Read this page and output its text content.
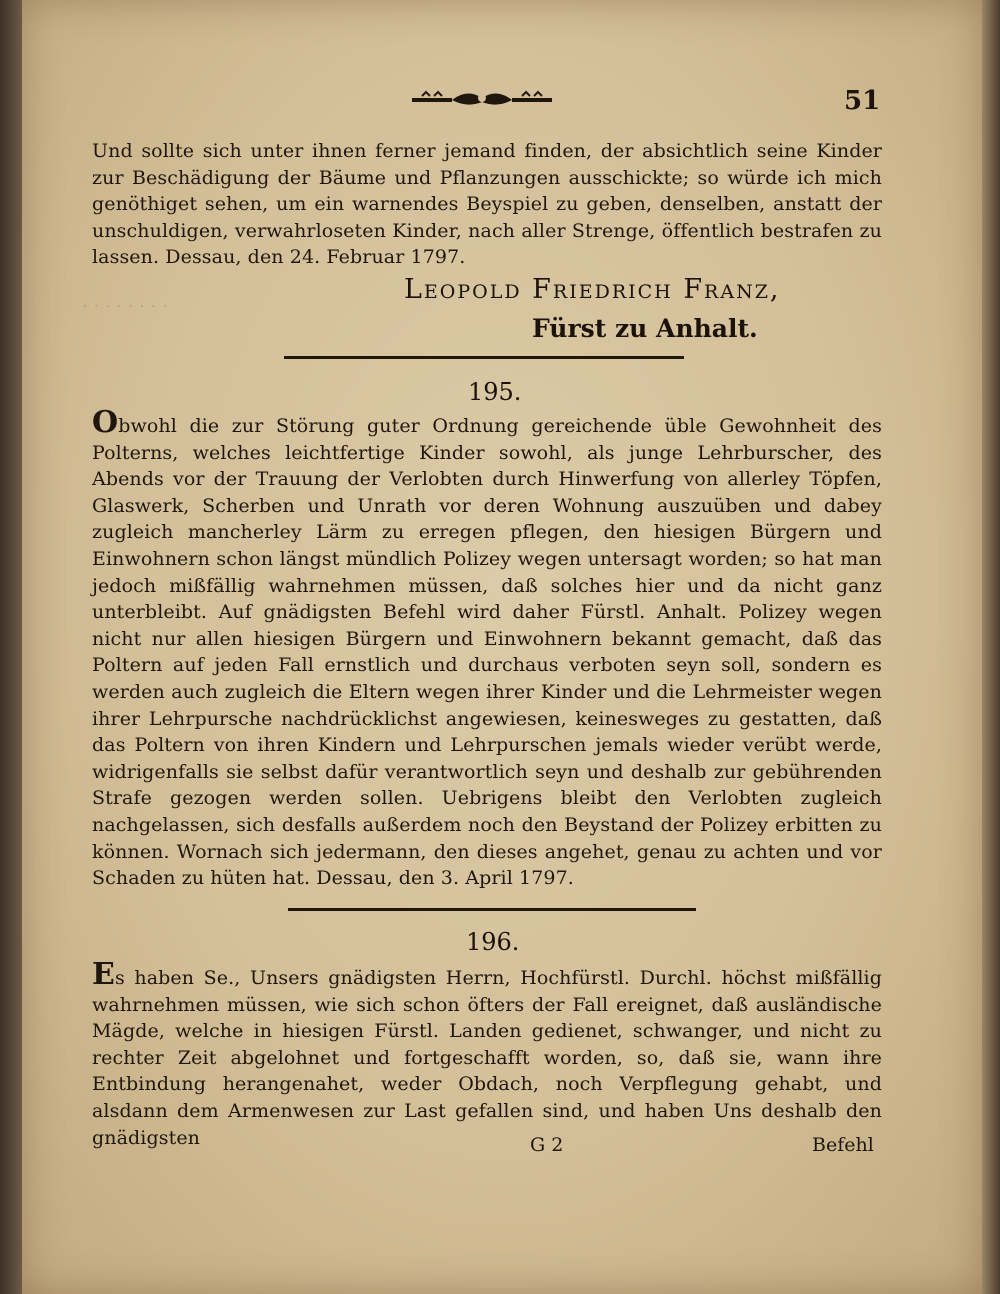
· · · · · · · ·
51
Und sollte sich unter ihnen ferner jemand finden, der absichtlich seine Kinder zur Beschädigung der Bäume und Pflanzungen ausschickte; so würde ich mich genöthiget sehen, um ein warnendes Beyspiel zu geben, denselben, anstatt der unschuldigen, verwahrloseten Kinder, nach aller Strenge, öffentlich bestrafen zu lassen. Dessau, den 24. Februar 1797.
Leopold Friedrich Franz,
Fürst zu Anhalt.
195.
Obwohl die zur Störung guter Ordnung gereichende üble Gewohnheit des Polterns, welches leichtfertige Kinder sowohl, als junge Lehrburscher, des Abends vor der Trauung der Verlobten durch Hinwerfung von allerley Töpfen, Glaswerk, Scherben und Unrath vor deren Wohnung auszuüben und dabey zugleich mancherley Lärm zu erregen pflegen, den hiesigen Bürgern und Einwohnern schon längst mündlich Polizey wegen untersagt worden; so hat man jedoch mißfällig wahrnehmen müssen, daß solches hier und da nicht ganz unterbleibt. Auf gnädigsten Befehl wird daher Fürstl. Anhalt. Polizey wegen nicht nur allen hiesigen Bürgern und Einwohnern bekannt gemacht, daß das Poltern auf jeden Fall ernstlich und durchaus verboten seyn soll, sondern es werden auch zugleich die Eltern wegen ihrer Kinder und die Lehrmeister wegen ihrer Lehrpursche nachdrücklichst angewiesen, keinesweges zu gestatten, daß das Poltern von ihren Kindern und Lehrpurschen jemals wieder verübt werde, widrigenfalls sie selbst dafür verantwortlich seyn und deshalb zur gebührenden Strafe gezogen werden sollen. Uebrigens bleibt den Verlobten zugleich nachgelassen, sich desfalls außerdem noch den Beystand der Polizey erbitten zu können. Wornach sich jedermann, den dieses angehet, genau zu achten und vor Schaden zu hüten hat. Dessau, den 3. April 1797.
196.
Es haben Se., Unsers gnädigsten Herrn, Hochfürstl. Durchl. höchst mißfällig wahrnehmen müssen, wie sich schon öfters der Fall ereignet, daß ausländische Mägde, welche in hiesigen Fürstl. Landen gedienet, schwanger, und nicht zu rechter Zeit abgelohnet und fortgeschafft worden, so, daß sie, wann ihre Entbindung herangenahet, weder Obdach, noch Verpflegung gehabt, und alsdann dem Armenwesen zur Last gefallen sind, und haben Uns deshalb den gnädigsten	G 2	Befehl
